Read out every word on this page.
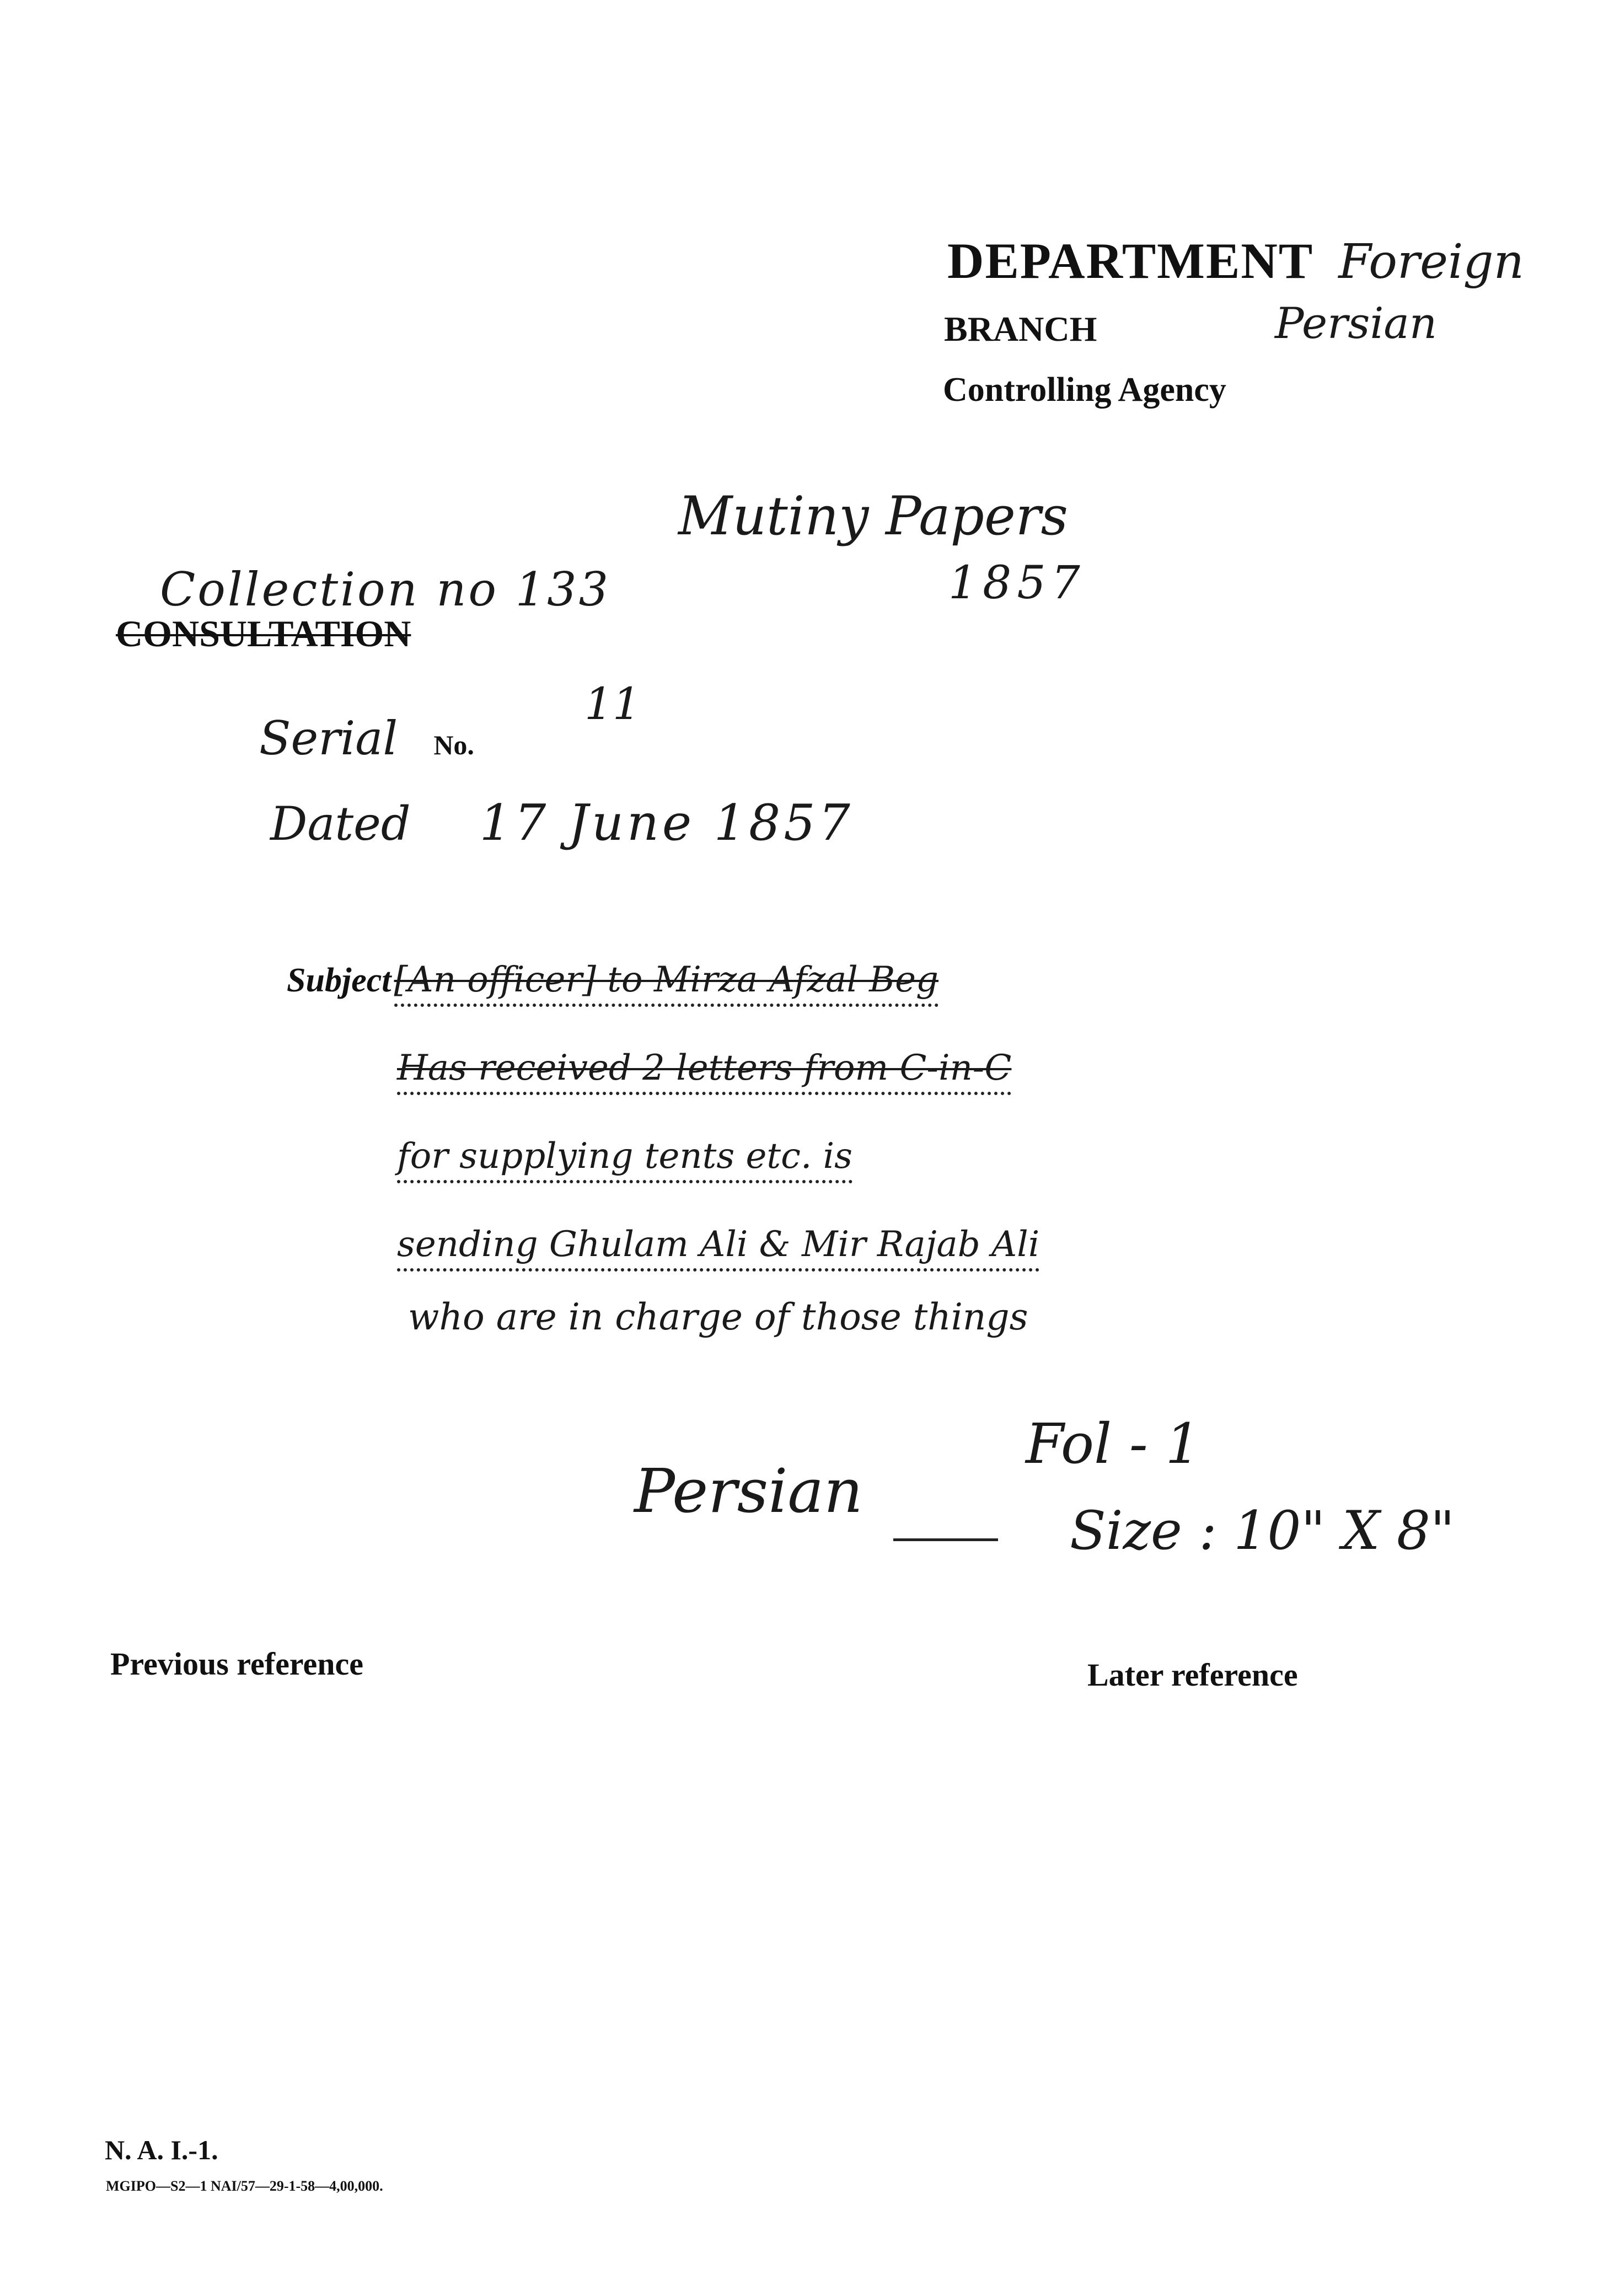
DEPARTMENT Foreign
BRANCH	Persian
Controlling Agency
Mutiny Papers
1857
Collection no 133
CONSULTATION
Serial No.
11
Dated 17 June 1857
Subject [An officer] to Mirza Afzal Beg
Has received 2 letters from C-in-C
for supplying tents etc. is
sending Ghulam Ali & Mir Rajab Ali
who are in charge of those things
Fol - 1
Persian
Size : 10" X 8"
Previous reference	Later reference
N. A. I.-1.
MGIPO—S2—1 NAI/57—29-1-58—4,00,000.
